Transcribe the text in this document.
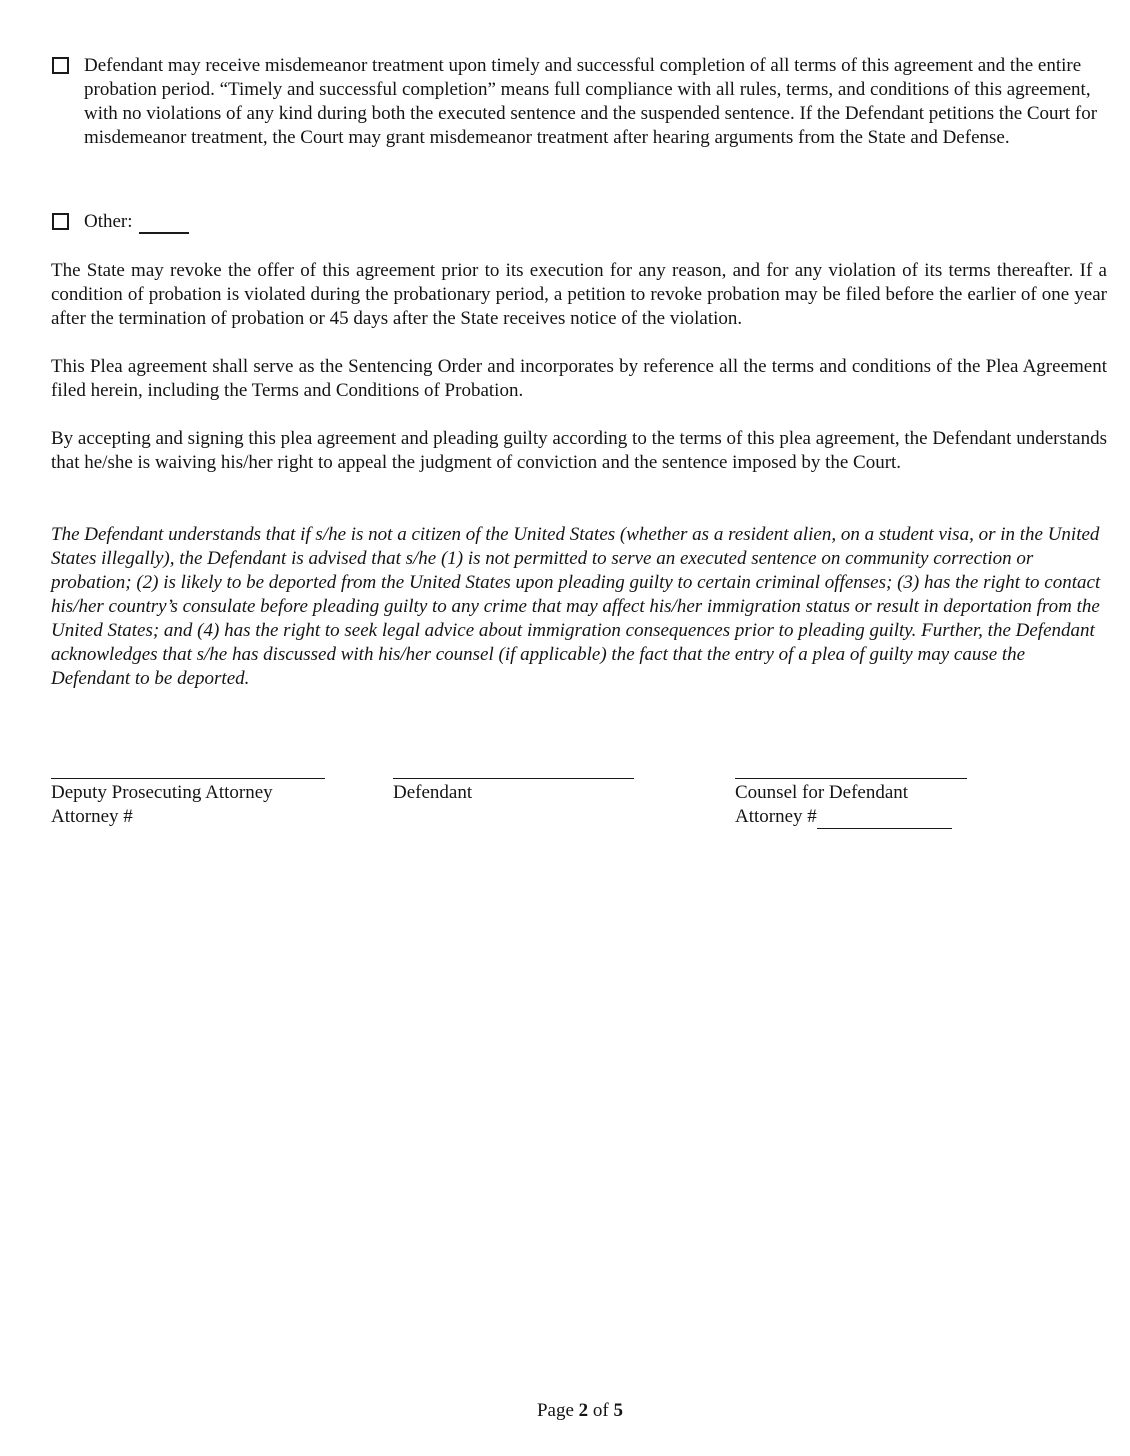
Defendant may receive misdemeanor treatment upon timely and successful completion of all terms of this agreement and the entire probation period. “Timely and successful completion” means full compliance with all rules, terms, and conditions of this agreement, with no violations of any kind during both the executed sentence and the suspended sentence. If the Defendant petitions the Court for misdemeanor treatment, the Court may grant misdemeanor treatment after hearing arguments from the State and Defense.
Other:

The State may revoke the offer of this agreement prior to its execution for any reason, and for any violation of its terms thereafter. If a condition of probation is violated during the probationary period, a petition to revoke probation may be filed before the earlier of one year after the termination of probation or 45 days after the State receives notice of the violation.

This Plea agreement shall serve as the Sentencing Order and incorporates by reference all the terms and conditions of the Plea Agreement filed herein, including the Terms and Conditions of Probation.

By accepting and signing this plea agreement and pleading guilty according to the terms of this plea agreement, the Defendant understands that he/she is waiving his/her right to appeal the judgment of conviction and the sentence imposed by the Court.

The Defendant understands that if s/he is not a citizen of the United States (whether as a resident alien, on a student visa, or in the United States illegally), the Defendant is advised that s/he (1) is not permitted to serve an executed sentence on community correction or probation; (2) is likely to be deported from the United States upon pleading guilty to certain criminal offenses; (3) has the right to contact his/her country’s consulate before pleading guilty to any crime that may affect his/her immigration status or result in deportation from the United States; and (4) has the right to seek legal advice about immigration consequences prior to pleading guilty. Further, the Defendant acknowledges that s/he has discussed with his/her counsel (if applicable) the fact that the entry of a plea of guilty may cause the Defendant to be deported.

Deputy Prosecuting Attorney
Attorney #
Defendant	Counsel for Defendant
Attorney #
Page 2 of 5
